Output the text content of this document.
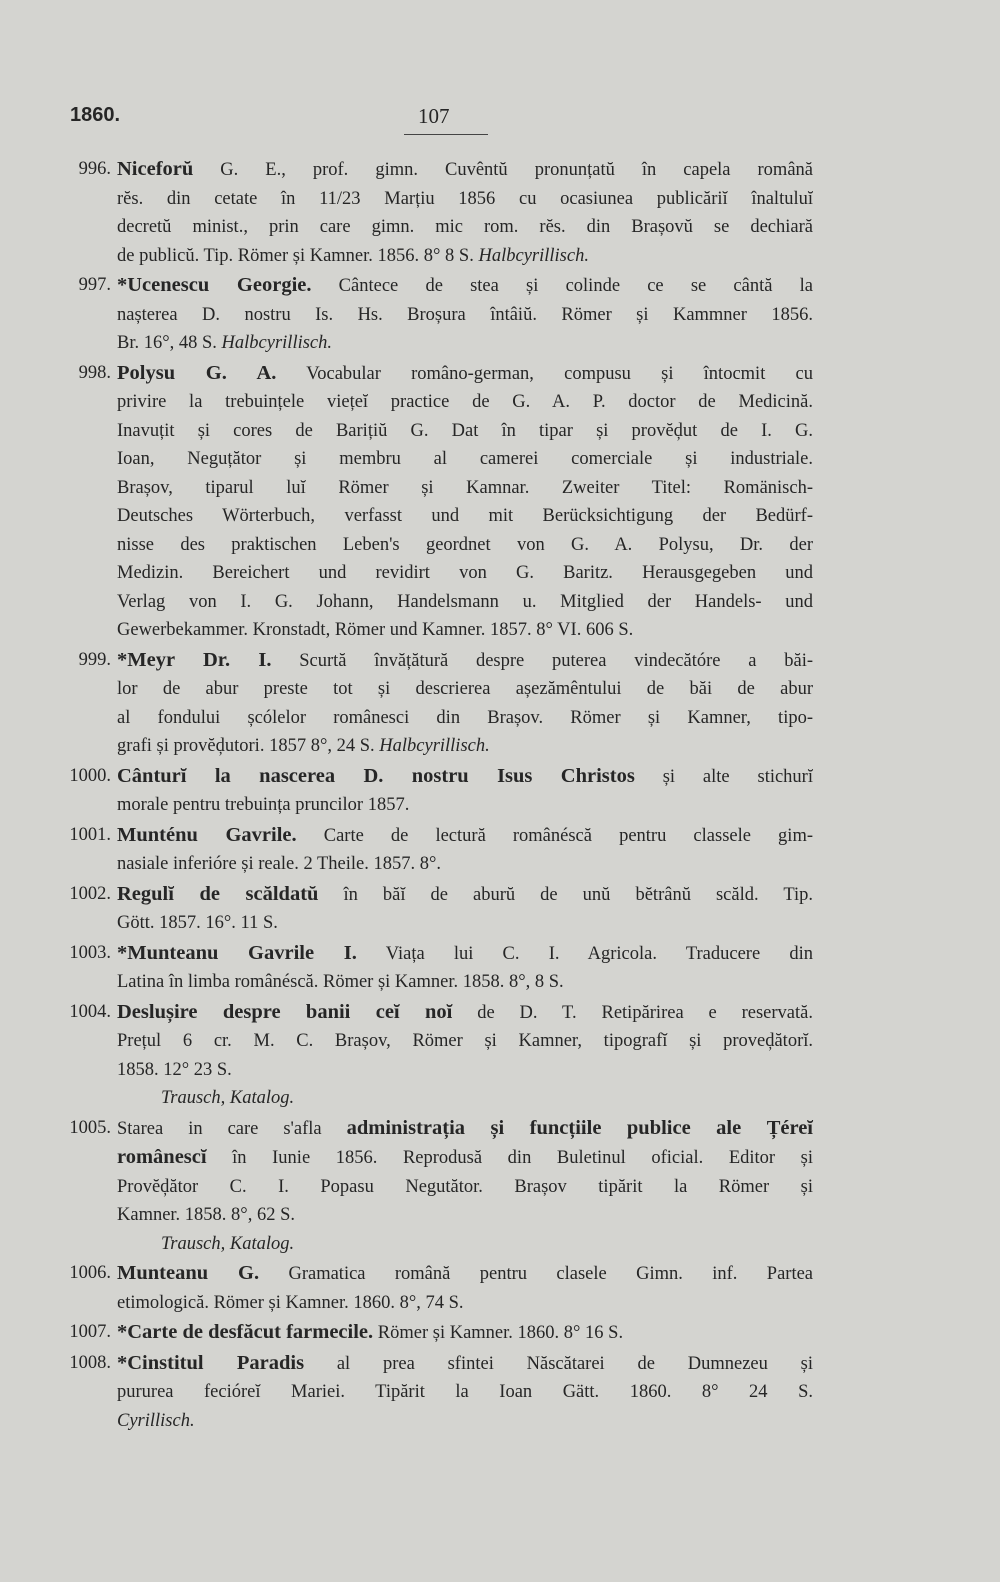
1860.	107
996. Niceforŭ G. E., prof. gimn. Cuvêntŭ pronunțatŭ în capela română
rĕs. din cetate în 11/23 Marțiu 1856 cu ocasiunea publicăriĭ înaltuluĭ
decretŭ minist., prin care gimn. mic rom. rĕs. din Brașovŭ se dechiară
de publicŭ. Tip. Römer și Kamner. 1856. 8° 8 S. Halbcyrillisch.
997. *Ucenescu Georgie. Cântece de stea și colinde ce se cântă la
nașterea D. nostru Is. Hs. Broșura întâiŭ. Römer și Kammner 1856.
Br. 16°, 48 S. Halbcyrillisch.
998. Polysu G. A. Vocabular româno-german, compusu și întocmit cu
privire la trebuințele viețeĭ practice de G. A. P. doctor de Medicină.
Inavuțit și cores de Barițiŭ G. Dat în tipar și provĕḑut de I. G.
Ioan, Neguțător și membru al camerei comerciale și industriale.
Brașov, tiparul luĭ Römer și Kamnar. Zweiter Titel: Romänisch-
Deutsches Wörterbuch, verfasst und mit Berücksichtigung der Bedürf-
nisse des praktischen Leben's geordnet von G. A. Polysu, Dr. der
Medizin. Bereichert und revidirt von G. Baritz. Herausgegeben und
Verlag von I. G. Johann, Handelsmann u. Mitglied der Handels- und
Gewerbekammer. Kronstadt, Römer und Kamner. 1857. 8° VI. 606 S.
999. *Meyr Dr. I. Scurtă învățătură despre puterea vindecătóre a băi-
lor de abur preste tot și descrierea așezămêntului de băi de abur
al fondului șcólelor românesci din Brașov. Römer și Kamner, tipo-
grafi și provĕḑutori. 1857 8°, 24 S. Halbcyrillisch.
1000. Cânturĭ la nascerea D. nostru Isus Christos și alte stichurĭ
morale pentru trebuința pruncilor 1857.
1001. Munténu Gavrile. Carte de lectură românéscă pentru classele gim-
nasiale inferióre și reale. 2 Theile. 1857. 8°.
1002. Regulĭ de scăldatŭ în băĭ de aburŭ de unŭ bĕtrânŭ scăld. Tip.
Gött. 1857. 16°. 11 S.
1003. *Munteanu Gavrile I. Viața lui C. I. Agricola. Traducere din
Latina în limba românéscă. Römer și Kamner. 1858. 8°, 8 S.
1004. Deslușire despre banii ceĭ noĭ de D. T. Retipărirea e reservată.
Prețul 6 cr. M. C. Brașov, Römer și Kamner, tipografĭ și proveḑătorĭ.
1858. 12° 23 S.
Trausch, Katalog.
1005. Starea in care s'afla administrația și funcțiile publice ale Țéreĭ
românescĭ în Iunie 1856. Reprodusă din Buletinul oficial. Editor și
Provĕḑător C. I. Popasu Negutător. Brașov tipărit la Römer și
Kamner. 1858. 8°, 62 S.
Trausch, Katalog.
1006. Munteanu G. Gramatica română pentru clasele Gimn. inf. Partea
etimologică. Römer și Kamner. 1860. 8°, 74 S.
1007. *Carte de desfăcut farmecile. Römer și Kamner. 1860. 8° 16 S.
1008. *Cinstitul Paradis al prea sfintei Născătarei de Dumnezeu și
pururea fecióreĭ Mariei. Tipărit la Ioan Gätt. 1860. 8° 24 S.
Cyrillisch.
